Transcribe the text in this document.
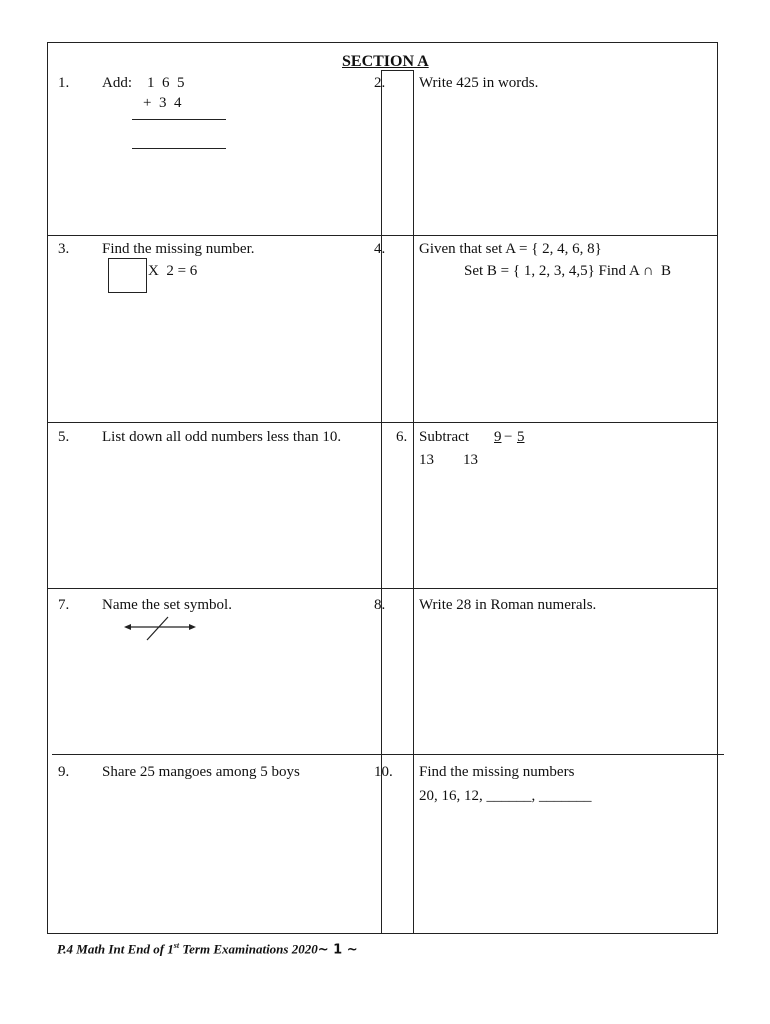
SECTION A
1. Add: 1  6  5
+  3  4
2. Write 425 in words.
3. Find the missing number.
X  2 = 6
4. Given that set A = { 2, 4, 6, 8}
Set B = { 1, 2, 3, 4,5} Find A ∩  B
5. List down all odd numbers less than 10.	6. Subtract 9 − 5
13 13
7. Name the set symbol.	8. Write 28 in Roman numerals.
9. Share 25 mangoes among 5 boys	10. Find the missing numbers
20, 16, 12, ______, _______
P.4 Math Int End of 1st Term Examinations 2020~ 1 ~
